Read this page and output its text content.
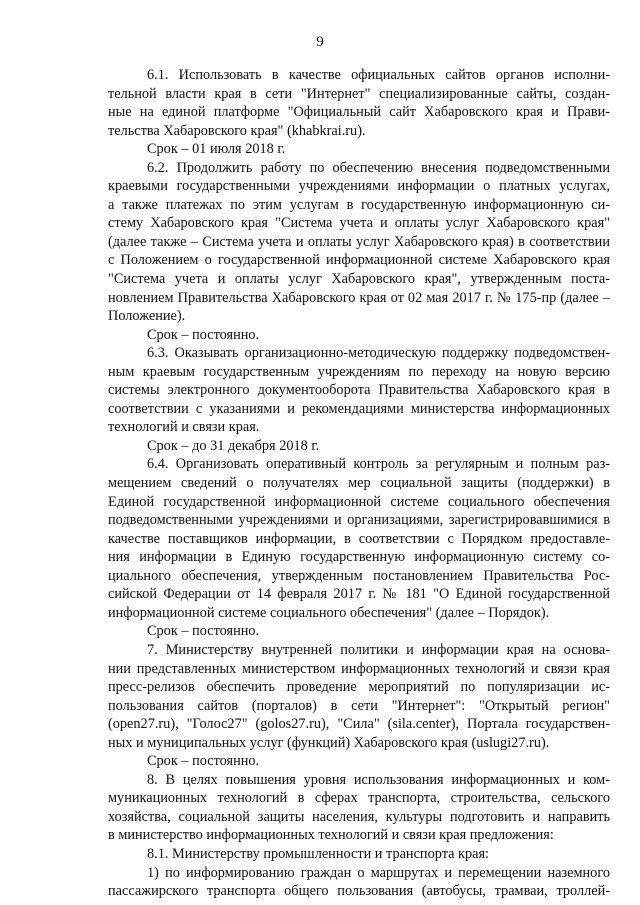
9
6.1. Использовать в качестве официальных сайтов органов исполни-
тельной власти края в сети "Интернет" специализированные сайты, создан-
ные на единой платформе "Официальный сайт Хабаровского края и Прави-
тельства Хабаровского края" (khabkrai.ru).
Срок – 01 июля 2018 г.
6.2. Продолжить работу по обеспечению внесения подведомственными
краевыми государственными учреждениями информации о платных услугах,
а также платежах по этим услугам в государственную информационную си-
стему Хабаровского края "Система учета и оплаты услуг Хабаровского края"
(далее также – Система учета и оплаты услуг Хабаровского края) в соответствии
с Положением о государственной информационной системе Хабаровского края
"Система учета и оплаты услуг Хабаровского края", утвержденным поста-
новлением Правительства Хабаровского края от 02 мая 2017 г. № 175-пр (далее –
Положение).
Срок – постоянно.
6.3. Оказывать организационно-методическую поддержку подведомствен-
ным краевым государственным учреждениям по переходу на новую версию
системы электронного документооборота Правительства Хабаровского края в
соответствии с указаниями и рекомендациями министерства информационных
технологий и связи края.
Срок – до 31 декабря 2018 г.
6.4. Организовать оперативный контроль за регулярным и полным раз-
мещением сведений о получателях мер социальной защиты (поддержки) в
Единой государственной информационной системе социального обеспечения
подведомственными учреждениями и организациями, зарегистрировавшимися в
качестве поставщиков информации, в соответствии с Порядком предоставле-
ния информации в Единую государственную информационную систему со-
циального обеспечения, утвержденным постановлением Правительства Рос-
сийской Федерации от 14 февраля 2017 г. № 181 "О Единой государственной
информационной системе социального обеспечения" (далее – Порядок).
Срок – постоянно.
7. Министерству внутренней политики и информации края на основа-
нии представленных министерством информационных технологий и связи края
пресс-релизов обеспечить проведение мероприятий по популяризации ис-
пользования сайтов (порталов) в сети "Интернет": "Открытый регион"
(open27.ru), "Голос27" (golos27.ru), "Сила" (sila.center), Портала государствен-
ных и муниципальных услуг (функций) Хабаровского края (uslugi27.ru).
Срок – постоянно.
8. В целях повышения уровня использования информационных и ком-
муникационных технологий в сферах транспорта, строительства, сельского
хозяйства, социальной защиты населения, культуры подготовить и направить
в министерство информационных технологий и связи края предложения:
8.1. Министерству промышленности и транспорта края:
1) по информированию граждан о маршрутах и перемещении наземного
пассажирского транспорта общего пользования (автобусы, трамваи, троллей-
